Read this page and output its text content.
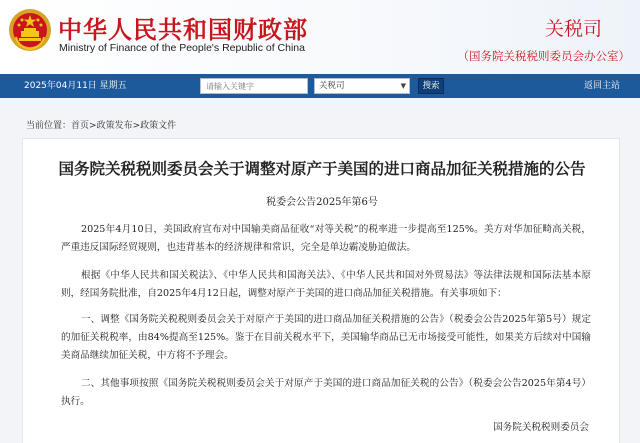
中华人民共和国财政部
Ministry of Finance of the People's Republic of China
关税司
（国务院关税税则委员会办公室）
2025年04月11日 星期五
请输入关键字	关税司	▼	搜索	返回主站
当前位置：首页>政策发布>政策文件
国务院关税税则委员会关于调整对原产于美国的进口商品加征关税措施的公告
税委会公告2025年第6号

2025年4月10日，美国政府宣布对中国输美商品征收“对等关税”的税率进一步提高至125%。美方对华加征畸高关税，严重违反国际经贸规则，也违背基本的经济规律和常识，完全是单边霸凌胁迫做法。

根据《中华人民共和国关税法》、《中华人民共和国海关法》、《中华人民共和国对外贸易法》等法律法规和国际法基本原则，经国务院批准，自2025年4月12日起，调整对原产于美国的进口商品加征关税措施。有关事项如下：

一、调整《国务院关税税则委员会关于对原产于美国的进口商品加征关税措施的公告》（税委会公告2025年第5号）规定的加征关税税率，由84%提高至125%。鉴于在目前关税水平下，美国输华商品已无市场接受可能性，如果美方后续对中国输美商品继续加征关税，中方将不予理会。

二、其他事项按照《国务院关税税则委员会关于对原产于美国的进口商品加征关税的公告》（税委会公告2025年第4号）执行。

国务院关税税则委员会
